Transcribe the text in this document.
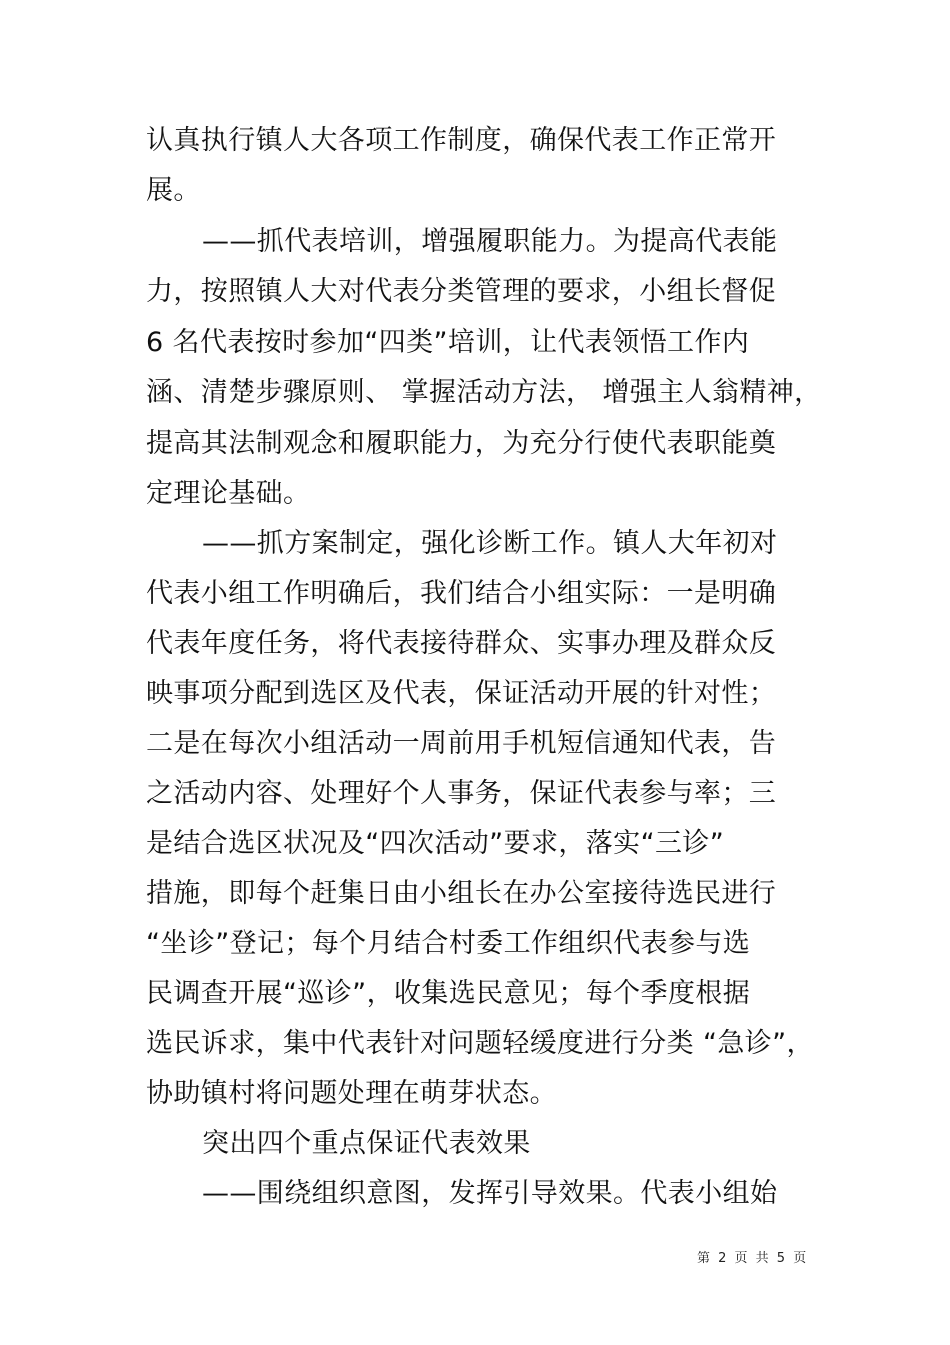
认真执行镇人大各项工作制度，确保代表工作正常开
展。
——抓代表培训，增强履职能力。为提高代表能
力，按照镇人大对代表分类管理的要求，小组长督促
6 名代表按时参加“四类”培训，让代表领悟工作内
涵、清楚步骤原则、 掌握活动方法， 增强主人翁精神，
提高其法制观念和履职能力，为充分行使代表职能奠
定理论基础。
——抓方案制定，强化诊断工作。镇人大年初对
代表小组工作明确后，我们结合小组实际：一是明确
代表年度任务，将代表接待群众、实事办理及群众反
映事项分配到选区及代表，保证活动开展的针对性；
二是在每次小组活动一周前用手机短信通知代表，告
之活动内容、处理好个人事务，保证代表参与率；三
是结合选区状况及“四次活动”要求，落实“三诊”
措施，即每个赶集日由小组长在办公室接待选民进行
“坐诊”登记；每个月结合村委工作组织代表参与选
民调查开展“巡诊”，收集选民意见；每个季度根据
选民诉求，集中代表针对问题轻缓度进行分类 “急诊”，
协助镇村将问题处理在萌芽状态。
突出四个重点保证代表效果
——围绕组织意图，发挥引导效果。代表小组始
第 2 页 共 5 页
